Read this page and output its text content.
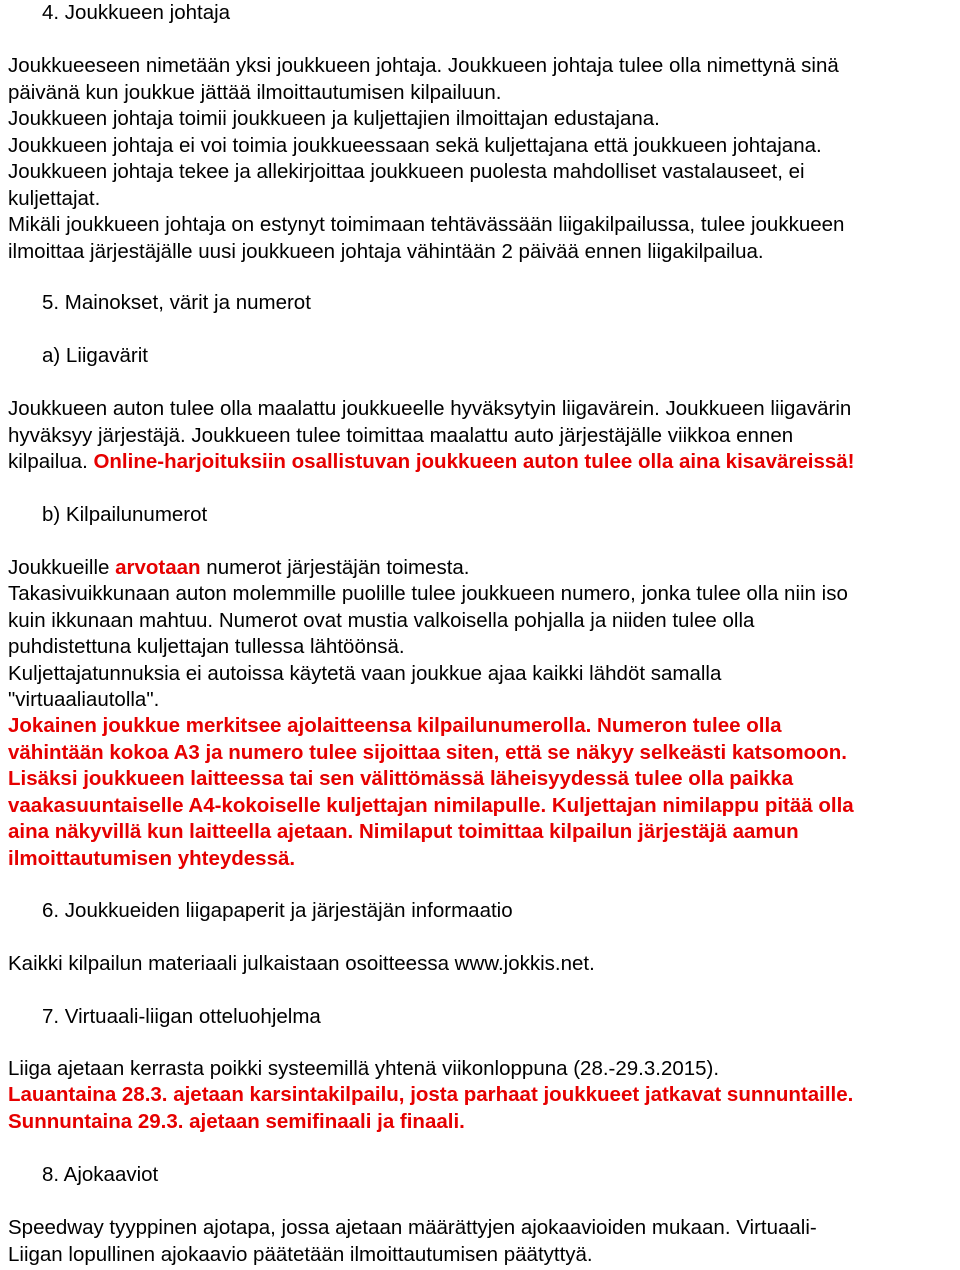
4. Joukkueen johtaja

Joukkueeseen nimetään yksi joukkueen johtaja. Joukkueen johtaja tulee olla nimettynä sinä
päivänä kun joukkue jättää ilmoittautumisen kilpailuun.
Joukkueen johtaja toimii joukkueen ja kuljettajien ilmoittajan edustajana.
Joukkueen johtaja ei voi toimia joukkueessaan sekä kuljettajana että joukkueen johtajana.
Joukkueen johtaja tekee ja allekirjoittaa joukkueen puolesta mahdolliset vastalauseet, ei
kuljettajat.
Mikäli joukkueen johtaja on estynyt toimimaan tehtävässään liigakilpailussa, tulee joukkueen
ilmoittaa järjestäjälle uusi joukkueen johtaja vähintään 2 päivää ennen liigakilpailua.

5. Mainokset, värit ja numerot

a) Liigavärit

Joukkueen auton tulee olla maalattu joukkueelle hyväksytyin liigavärein. Joukkueen liigavärin
hyväksyy järjestäjä. Joukkueen tulee toimittaa maalattu auto järjestäjälle viikkoa ennen
kilpailua. Online-harjoituksiin osallistuvan joukkueen auton tulee olla aina kisaväreissä!

b) Kilpailunumerot

Joukkueille arvotaan numerot järjestäjän toimesta.

Takasivuikkunaan auton molemmille puolille tulee joukkueen numero, jonka tulee olla niin iso
kuin ikkunaan mahtuu. Numerot ovat mustia valkoisella pohjalla ja niiden tulee olla
puhdistettuna kuljettajan tullessa lähtöönsä.
Kuljettajatunnuksia ei autoissa käytetä vaan joukkue ajaa kaikki lähdöt samalla
"virtuaaliautolla".

Jokainen joukkue merkitsee ajolaitteensa kilpailunumerolla. Numeron tulee olla
vähintään kokoa A3 ja numero tulee sijoittaa siten, että se näkyy selkeästi katsomoon.
Lisäksi joukkueen laitteessa tai sen välittömässä läheisyydessä tulee olla paikka
vaakasuuntaiselle A4-kokoiselle kuljettajan nimilapulle. Kuljettajan nimilappu pitää olla
aina näkyvillä kun laitteella ajetaan. Nimilaput toimittaa kilpailun järjestäjä aamun
ilmoittautumisen yhteydessä.

6. Joukkueiden liigapaperit ja järjestäjän informaatio

Kaikki kilpailun materiaali julkaistaan osoitteessa www.jokkis.net.

7. Virtuaali-liigan otteluohjelma

Liiga ajetaan kerrasta poikki systeemillä yhtenä viikonloppuna (28.-29.3.2015).

Lauantaina 28.3. ajetaan karsintakilpailu, josta parhaat joukkueet jatkavat sunnuntaille.
Sunnuntaina 29.3. ajetaan semifinaali ja finaali.

8. Ajokaaviot

Speedway tyyppinen ajotapa, jossa ajetaan määrättyjen ajokaavioiden mukaan. Virtuaali-
Liigan lopullinen ajokaavio päätetään ilmoittautumisen päätyttyä.
